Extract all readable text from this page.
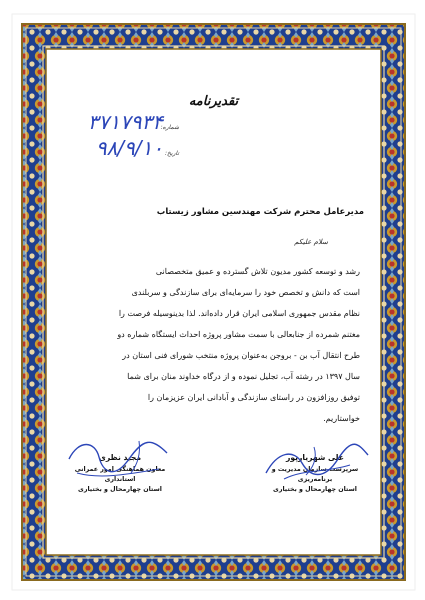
تقدیرنامه
شماره:
۳۷۱۷۹۳۴
تاریخ:
۹۸/۹/۱۰
مدیرعامل محترم شرکت مهندسین مشاور زیستاب
سلام علیکم
رشد و توسعه کشور مدیون تلاش گسترده و عمیق متخصصانی
است که دانش و تخصص خود را سرمایه‌ای برای سازندگی و سربلندی
نظام مقدس جمهوری اسلامی ایران قرار داده‌اند. لذا بدینوسیله فرصت را
مغتنم شمرده از جنابعالی با سمت مشاور پروژه احداث ایستگاه شماره دو
طرح انتقال آب بن - بروجن به‌عنوان پروژه منتخب شورای فنی استان در
سال ۱۳۹۷ در رشته آب، تجلیل نموده و از درگاه خداوند منان برای شما
توفیق روزافزون در راستای سازندگی و آبادانی ایران عزیزمان را
خواستاریم.
علی شهریارپور
سرپرست سازمان مدیریت و برنامه‌ریزی
استان چهارمحال و بختیاری
مجید نظری
معاون هماهنگی امور عمرانی استانداری
استان چهارمحال و بختیاری
